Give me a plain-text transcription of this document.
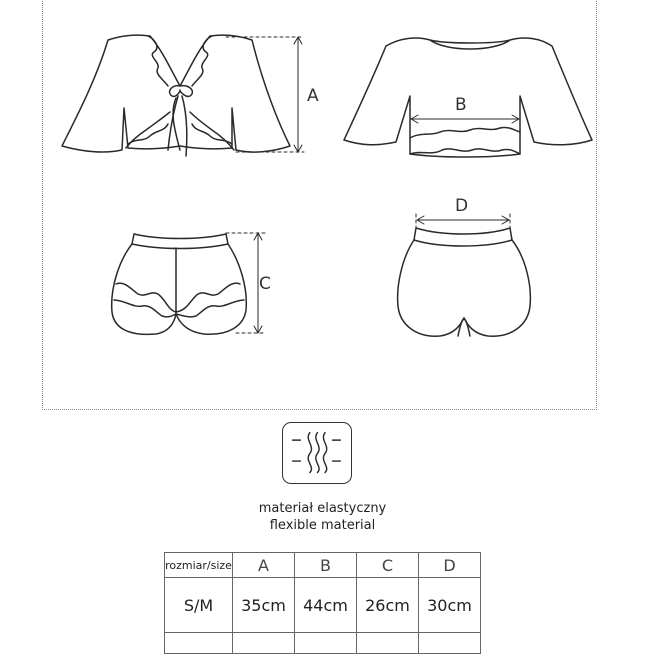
A	B
C
D
materiał elastyczny
flexible material
rozmiar/size	A	B	C	D
S/M	35cm	44cm	26cm	30cm
